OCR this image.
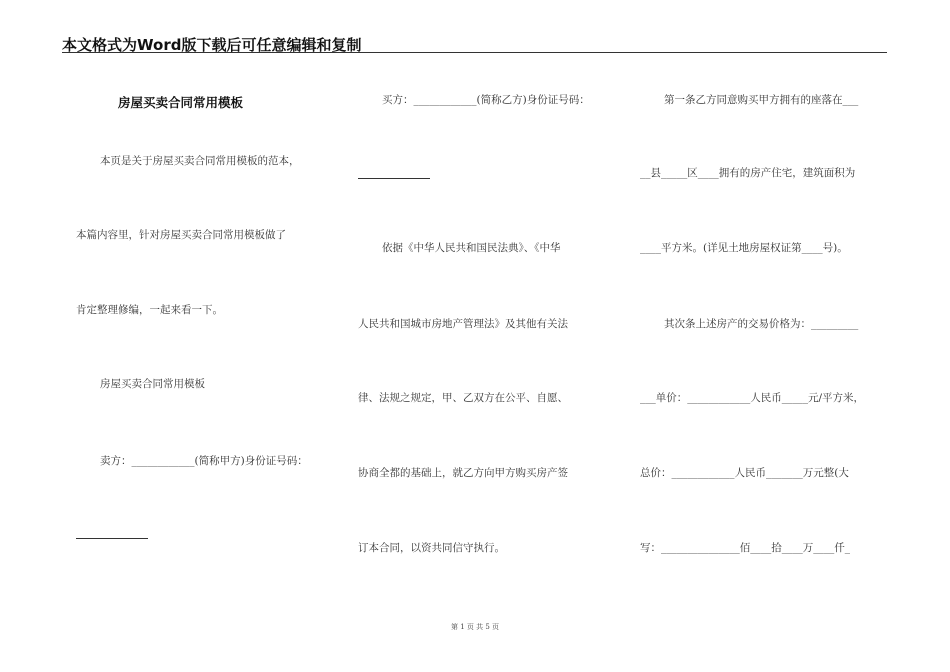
本文格式为Word版下载后可任意编辑和复制
房屋买卖合同常用模板
本页是关于房屋买卖合同常用模板的范本，
本篇内容里，针对房屋买卖合同常用模板做了
肯定整理修编，一起来看一下。
房屋买卖合同常用模板
卖方：____________(简称甲方)身份证号码：
买方：____________(简称乙方)身份证号码：
依据《中华人民共和国民法典》、《中华
人民共和国城市房地产管理法》及其他有关法
律、法规之规定，甲、乙双方在公平、自愿、
协商全都的基础上，就乙方向甲方购买房产签
订本合同，以资共同信守执行。
第一条乙方同意购买甲方拥有的座落在___
__县_____区____拥有的房产住宅，建筑面积为
____平方米。(详见土地房屋权证第____号)。
其次条上述房产的交易价格为：_________
___单价：____________人民币_____元/平方米，
总价：____________人民币_______万元整(大
写：_______________佰____拾____万____仟_
第 1 页 共 5 页
